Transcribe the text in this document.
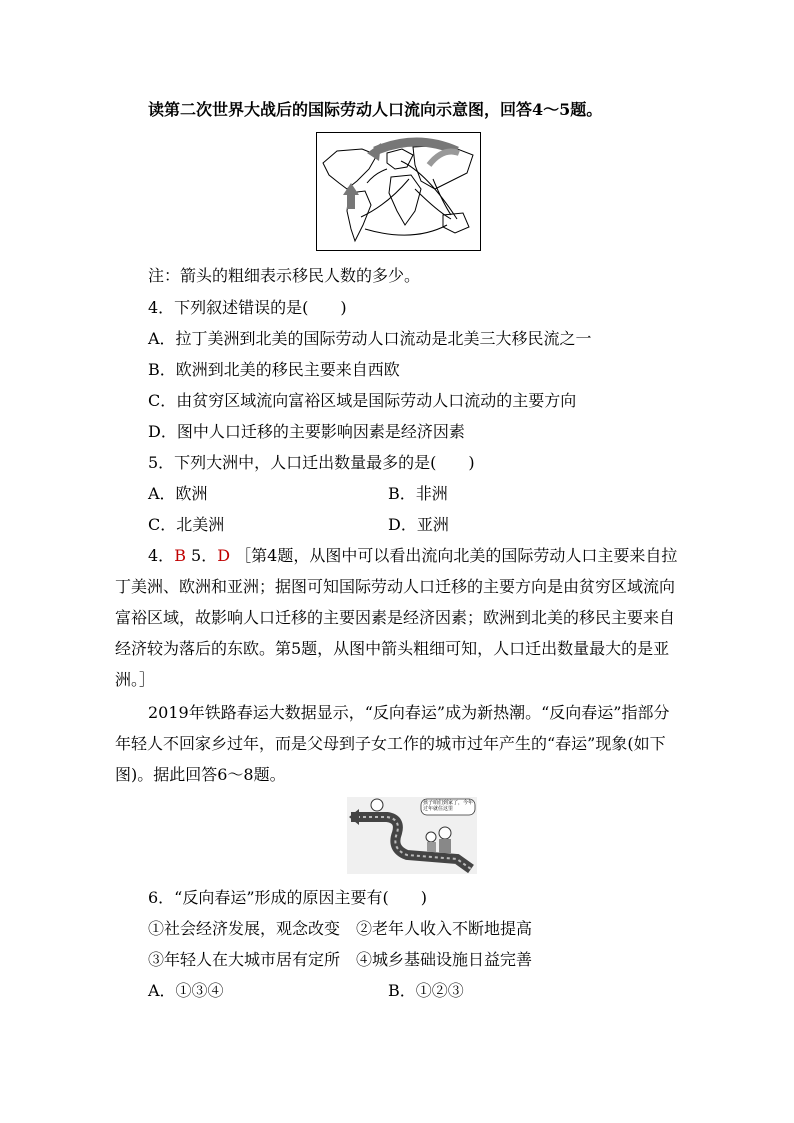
读第二次世界大战后的国际劳动人口流向示意图，回答4～5题。
注：箭头的粗细表示移民人数的多少。
4．下列叙述错误的是(　　)
A．拉丁美洲到北美的国际劳动人口流动是北美三大移民流之一
B．欧洲到北美的移民主要来自西欧
C．由贫穷区域流向富裕区域是国际劳动人口流动的主要方向
D．图中人口迁移的主要影响因素是经济因素
5．下列大洲中，人口迁出数量最多的是(　　)
A．欧洲	B．非洲
C．北美洲	D．亚洲
4．B 5．D ［第4题，从图中可以看出流向北美的国际劳动人口主要来自拉
丁美洲、欧洲和亚洲；据图可知国际劳动人口迁移的主要方向是由贫穷区域流向
富裕区域，故影响人口迁移的主要因素是经济因素；欧洲到北美的移民主要来自
经济较为落后的东欧。第5题，从图中箭头粗细可知，人口迁出数量最大的是亚
洲。］
2019年铁路春运大数据显示，“反向春运”成为新热潮。“反向春运”指部分
年轻人不回家乡过年，而是父母到子女工作的城市过年产生的“春运”现象(如下
图)。据此回答6～8题。
孩子咱们到家了，今年过年就住这里
6．“反向春运”形成的原因主要有(　　)
①社会经济发展，观念改变　②老年人收入不断地提高
③年轻人在大城市居有定所　④城乡基础设施日益完善
A．①③④	B．①②③
